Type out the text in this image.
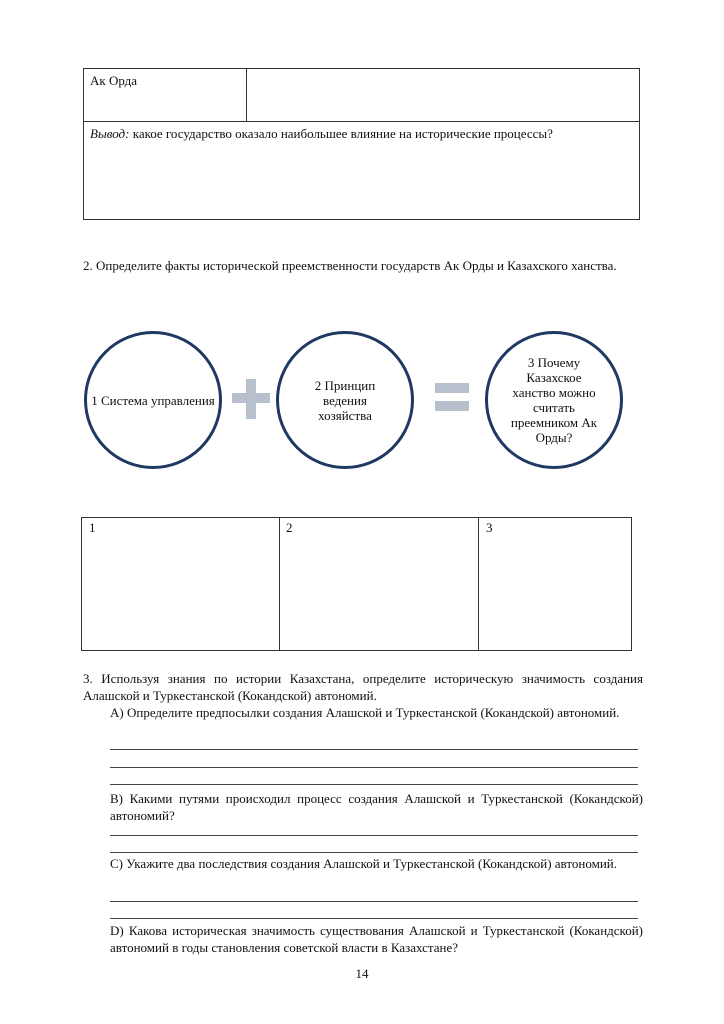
Ак Орда
Вывод: какое государство оказало наибольшее влияние на исторические процессы?
2. Определите факты исторической преемственности государств Ак Орды и Казахского ханства.
1 Система управления
2 Принцип ведения хозяйства
3 Почему Казахское ханство можно считать преемником Ак Орды?
1	2	3
3. Используя знания по истории Казахстана, определите историческую значимость создания Алашской и Туркестанской (Кокандской) автономий.
А) Определите предпосылки создания Алашской и Туркестанской (Кокандской) автономий.
В) Какими путями происходил процесс создания Алашской и Туркестанской (Кокандской) автономий?
С) Укажите два последствия создания Алашской и Туркестанской (Кокандской) автономий.
D) Какова историческая значимость существования Алашской и Туркестанской (Кокандской) автономий в годы становления советской власти в Казахстане?
14
